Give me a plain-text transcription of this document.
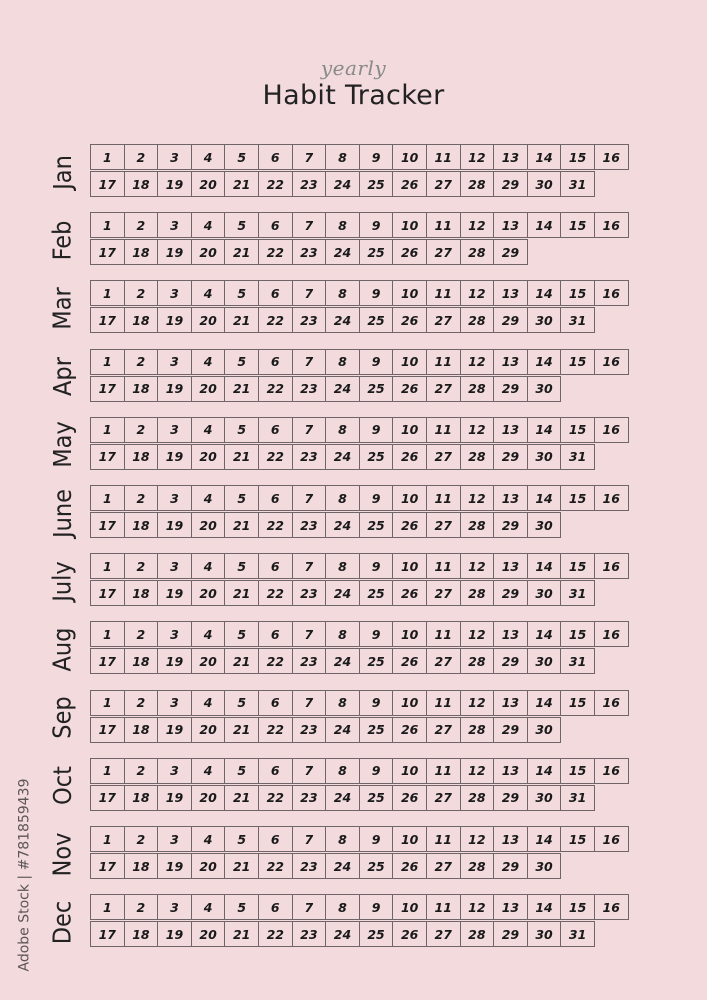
yearly
Habit Tracker
Jan	1	2	3	4	5	6	7	8	9	10	11	12	13	14	15	16
17	18	19	20	21	22	23	24	25	26	27	28	29	30	31
Feb	1	2	3	4	5	6	7	8	9	10	11	12	13	14	15	16
17	18	19	20	21	22	23	24	25	26	27	28	29
Mar	1	2	3	4	5	6	7	8	9	10	11	12	13	14	15	16
17	18	19	20	21	22	23	24	25	26	27	28	29	30	31
Apr	1	2	3	4	5	6	7	8	9	10	11	12	13	14	15	16
17	18	19	20	21	22	23	24	25	26	27	28	29	30
May	1	2	3	4	5	6	7	8	9	10	11	12	13	14	15	16
17	18	19	20	21	22	23	24	25	26	27	28	29	30	31
June	1	2	3	4	5	6	7	8	9	10	11	12	13	14	15	16
17	18	19	20	21	22	23	24	25	26	27	28	29	30
July	1	2	3	4	5	6	7	8	9	10	11	12	13	14	15	16
17	18	19	20	21	22	23	24	25	26	27	28	29	30	31
Aug	1	2	3	4	5	6	7	8	9	10	11	12	13	14	15	16
17	18	19	20	21	22	23	24	25	26	27	28	29	30	31
Sep	1	2	3	4	5	6	7	8	9	10	11	12	13	14	15	16
17	18	19	20	21	22	23	24	25	26	27	28	29	30
Oct	1	2	3	4	5	6	7	8	9	10	11	12	13	14	15	16
17	18	19	20	21	22	23	24	25	26	27	28	29	30	31
Nov	1	2	3	4	5	6	7	8	9	10	11	12	13	14	15	16
17	18	19	20	21	22	23	24	25	26	27	28	29	30
Dec	1	2	3	4	5	6	7	8	9	10	11	12	13	14	15	16
17	18	19	20	21	22	23	24	25	26	27	28	29	30	31
Adobe Stock | #781859439
